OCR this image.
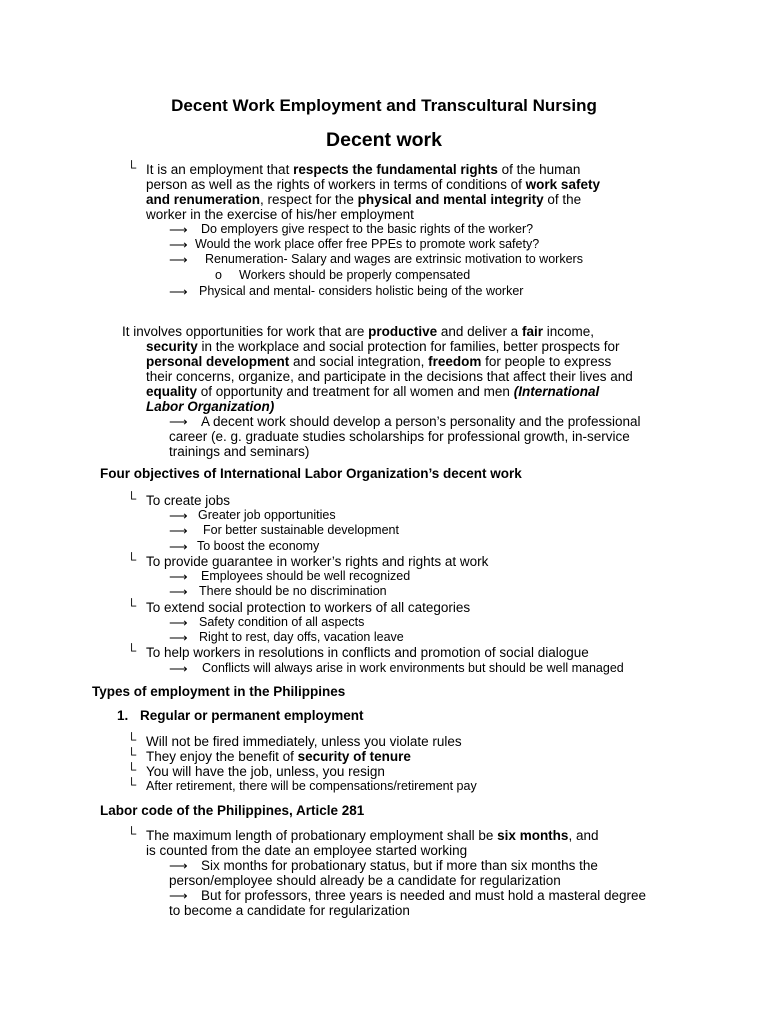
Decent Work Employment and Transcultural Nursing
Decent work
└ It is an employment that respects the fundamental rights of the human
person as well as the rights of workers in terms of conditions of work safety
and renumeration, respect for the physical and mental integrity of the
worker in the exercise of his/her employment
⟶ Do employers give respect to the basic rights of the worker?
⟶ Would the work place offer free PPEs to promote work safety?
⟶ Renumeration- Salary and wages are extrinsic motivation to workers
o Workers should be properly compensated
⟶ Physical and mental- considers holistic being of the worker
It involves opportunities for work that are productive and deliver a fair income,
security in the workplace and social protection for families, better prospects for
personal development and social integration, freedom for people to express
their concerns, organize, and participate in the decisions that affect their lives and
equality of opportunity and treatment for all women and men (International
Labor Organization)
⟶ A decent work should develop a person’s personality and the professional
career (e. g. graduate studies scholarships for professional growth, in-service
trainings and seminars)
Four objectives of International Labor Organization’s decent work
└ To create jobs
⟶ Greater job opportunities
⟶ For better sustainable development
⟶ To boost the economy
└ To provide guarantee in worker’s rights and rights at work
⟶ Employees should be well recognized
⟶ There should be no discrimination
└ To extend social protection to workers of all categories
⟶ Safety condition of all aspects
⟶ Right to rest, day offs, vacation leave
└ To help workers in resolutions in conflicts and promotion of social dialogue
⟶ Conflicts will always arise in work environments but should be well managed
Types of employment in the Philippines
1. Regular or permanent employment
└ Will not be fired immediately, unless you violate rules
└ They enjoy the benefit of security of tenure
└ You will have the job, unless, you resign
└ After retirement, there will be compensations/retirement pay
Labor code of the Philippines, Article 281
└ The maximum length of probationary employment shall be six months, and
is counted from the date an employee started working
⟶ Six months for probationary status, but if more than six months the
person/employee should already be a candidate for regularization
⟶ But for professors, three years is needed and must hold a masteral degree
to become a candidate for regularization
